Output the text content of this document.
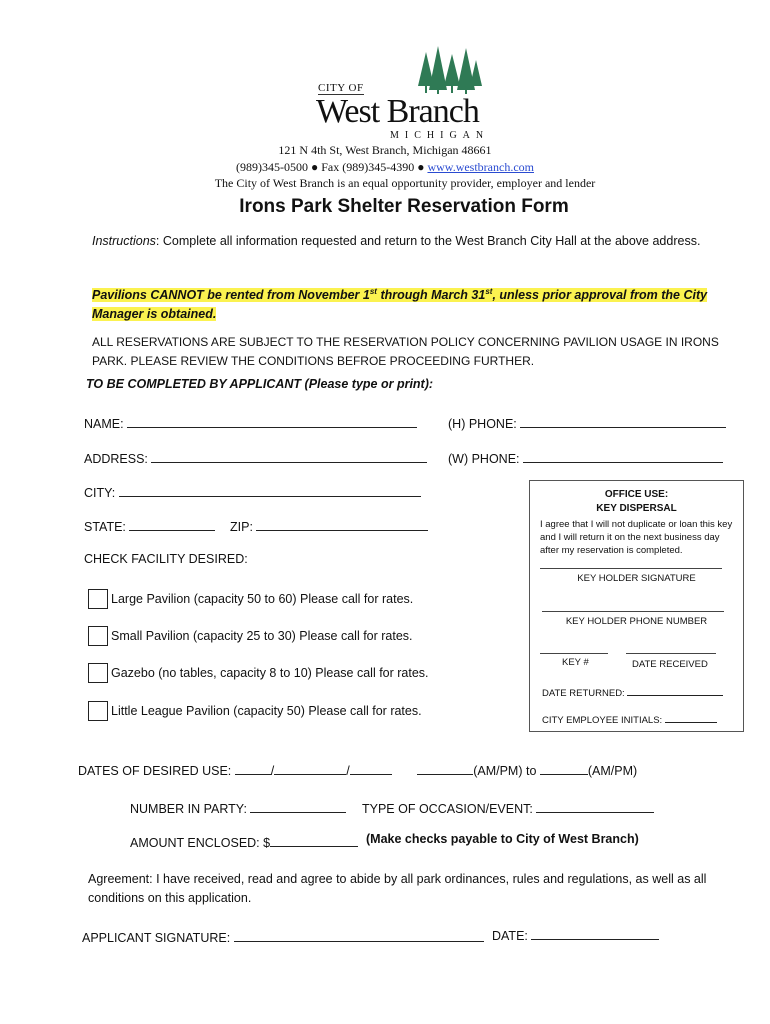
CITY OF
West Branch
MICHIGAN
121 N 4th St, West Branch, Michigan 48661
(989)345-0500 ● Fax (989)345-4390 ● www.westbranch.com
The City of West Branch is an equal opportunity provider, employer and lender
Irons Park Shelter Reservation Form
Instructions: Complete all information requested and return to the West Branch City Hall at the above address.
Pavilions CANNOT be rented from November 1st through March 31st, unless prior approval from the City
Manager is obtained.
ALL RESERVATIONS ARE SUBJECT TO THE RESERVATION POLICY CONCERNING PAVILION USAGE IN IRONS PARK. PLEASE REVIEW THE CONDITIONS BEFROE PROCEEDING FURTHER.
TO BE COMPLETED BY APPLICANT (Please type or print):
NAME:	(H) PHONE:
ADDRESS:	(W) PHONE:
CITY:
STATE:	ZIP:
CHECK FACILITY DESIRED:
Large Pavilion (capacity 50 to 60) Please call for rates.
Small Pavilion (capacity 25 to 30) Please call for rates.
Gazebo (no tables, capacity 8 to 10) Please call for rates.
Little League Pavilion (capacity 50) Please call for rates.
OFFICE USE:
KEY DISPERSAL
I agree that I will not duplicate or loan this key and I will return it on the next business day after my reservation is completed.
KEY HOLDER SIGNATURE
KEY HOLDER PHONE NUMBER
KEY #	DATE RECEIVED
DATE RETURNED:
CITY EMPLOYEE INITIALS:
DATES OF DESIRED USE:	/	/	(AM/PM) to	(AM/PM)
NUMBER IN PARTY:	TYPE OF OCCASION/EVENT:
AMOUNT ENCLOSED: $	(Make checks payable to City of West Branch)
Agreement: I have received, read and agree to abide by all park ordinances, rules and regulations, as well as all conditions on this application.
APPLICANT SIGNATURE:	DATE:
